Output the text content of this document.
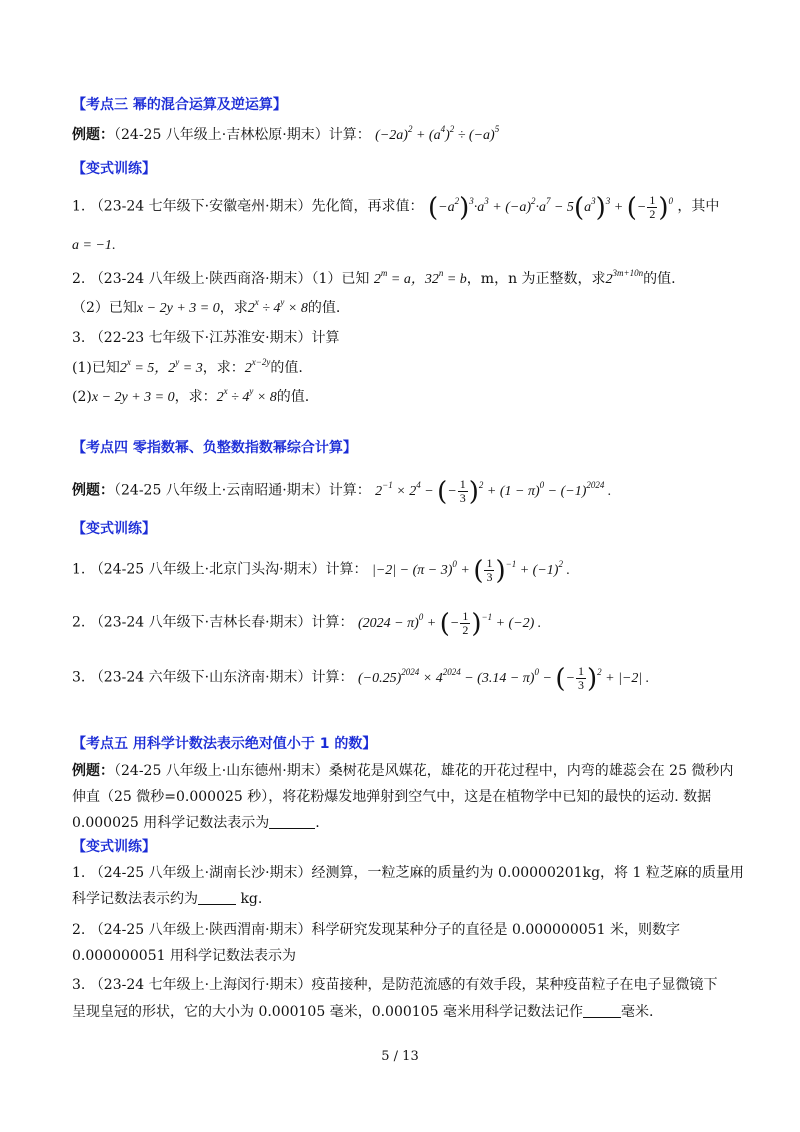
【考点三 幂的混合运算及逆运算】
例题：（24-25 八年级上·吉林松原·期末）计算： $(-2a)^2 + (a^4)^2 \div (-a)^5$
【变式训练】
1. （23-24 七年级下·安徽亳州·期末）先化简，再求值： $(-a^2)^3\cdot a^3 + (-a)^2\cdot a^7 - 5(a^3)^3$ + (− $\frac{1}{2} )^0$ ，其中
a = −1.
2. （23-24 八年级上·陕西商洛·期末）（1）已知 $2^m = a$，$32^n = b$，m，n 为正整数，求$2^{3m+10n}$的值.
（2）已知x − 2y + 3 = 0，求$2^x \div 4^y \times 8$的值.
3. （22-23 七年级下·江苏淮安·期末）计算
(1)已知$2^x = 5$，$2^y = 3$，求：$2^{x-2y}$的值.
(2)x − 2y + 3 = 0，求：$2^x \div 4^y \times 8$的值.
【考点四 零指数幂、负整数指数幂综合计算】
例题：（24-25 八年级上·云南昭通·期末）计算： $2^{-1} \times 2^4$ − (− $\frac{1}{3} )^2 + (1 - \pi)^0 - (-1)^{2024}$ .
【变式训练】
1. （24-25 八年级上·北京门头沟·期末）计算： $|-2| - (\pi - 3)^0$ + ( $\frac{1}{3} )^{-1} + (-1)^2$ .
2. （23-24 八年级下·吉林长春·期末）计算： $(2024 - \pi)^0$ + (− $\frac{1}{2} )^{-1} + (-2)$ .
3. （23-24 六年级下·山东济南·期末）计算： $(-0.25)^{2024} \times 4^{2024} - (3.14 - \pi)^0$ − (− $\frac{1}{3} )^2 + |-2|$ .
【考点五 用科学计数法表示绝对值小于 1 的数】
例题：（24-25 八年级上·山东德州·期末）桑树花是风媒花，雄花的开花过程中，内弯的雄蕊会在 25 微秒内
伸直（25 微秒=0.000025 秒），将花粉爆发地弹射到空气中，这是在植物学中已知的最快的运动. 数据
0.000025 用科学记数法表示为	.
【变式训练】
1. （24-25 八年级上·湖南长沙·期末）经测算，一粒芝麻的质量约为 0.00000201kg，将 1 粒芝麻的质量用
科学记数法表示约为	kg.
2. （24-25 八年级上·陕西渭南·期末）科学研究发现某种分子的直径是 0.000000051 米，则数字
0.000000051 用科学记数法表示为
3. （23-24 七年级上·上海闵行·期末）疫苗接种，是防范流感的有效手段，某种疫苗粒子在电子显微镜下
呈现皇冠的形状，它的大小为 0.000105 毫米，0.000105 毫米用科学记数法记作	毫米.
5 / 13
